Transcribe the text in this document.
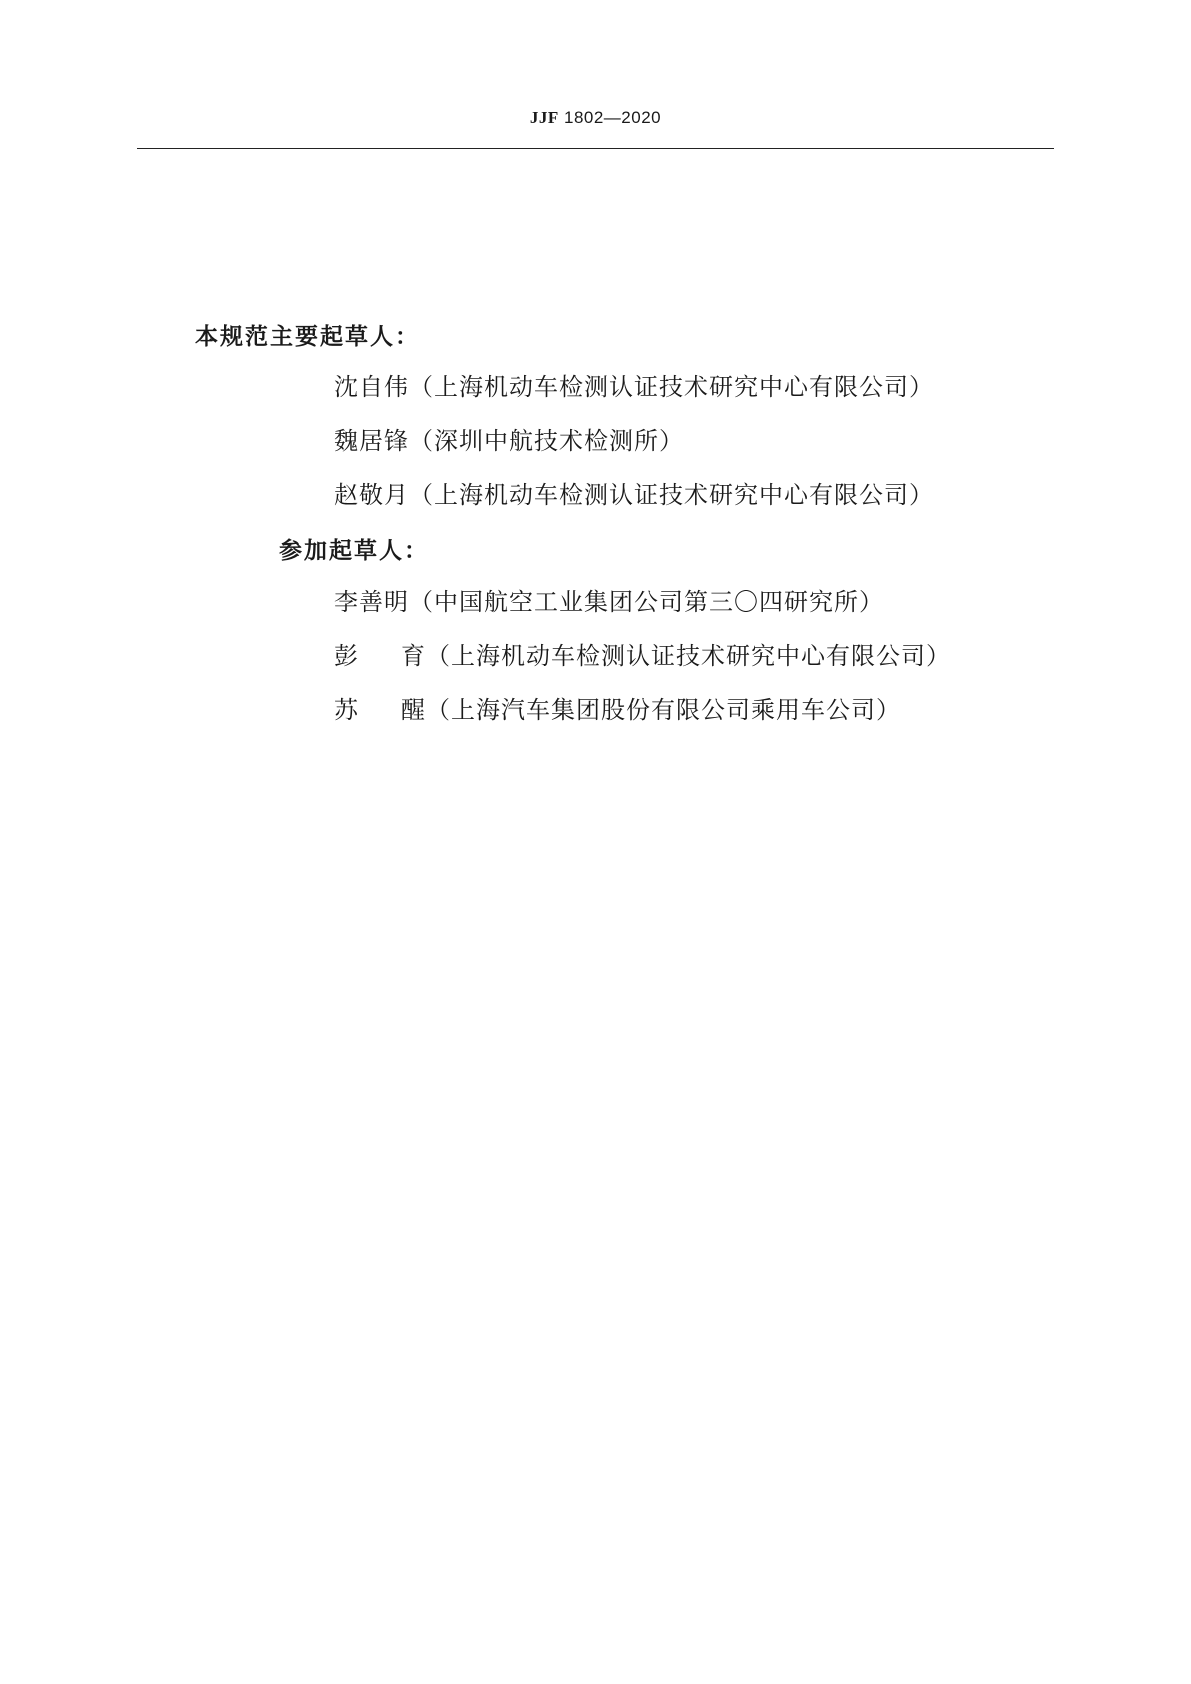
JJF 1802—2020
本规范主要起草人：
沈自伟（上海机动车检测认证技术研究中心有限公司）
魏居锋（深圳中航技术检测所）
赵敬月（上海机动车检测认证技术研究中心有限公司）
参加起草人：
李善明（中国航空工业集团公司第三〇四研究所）
彭 育 （上海机动车检测认证技术研究中心有限公司）
苏 醒 （上海汽车集团股份有限公司乘用车公司）
